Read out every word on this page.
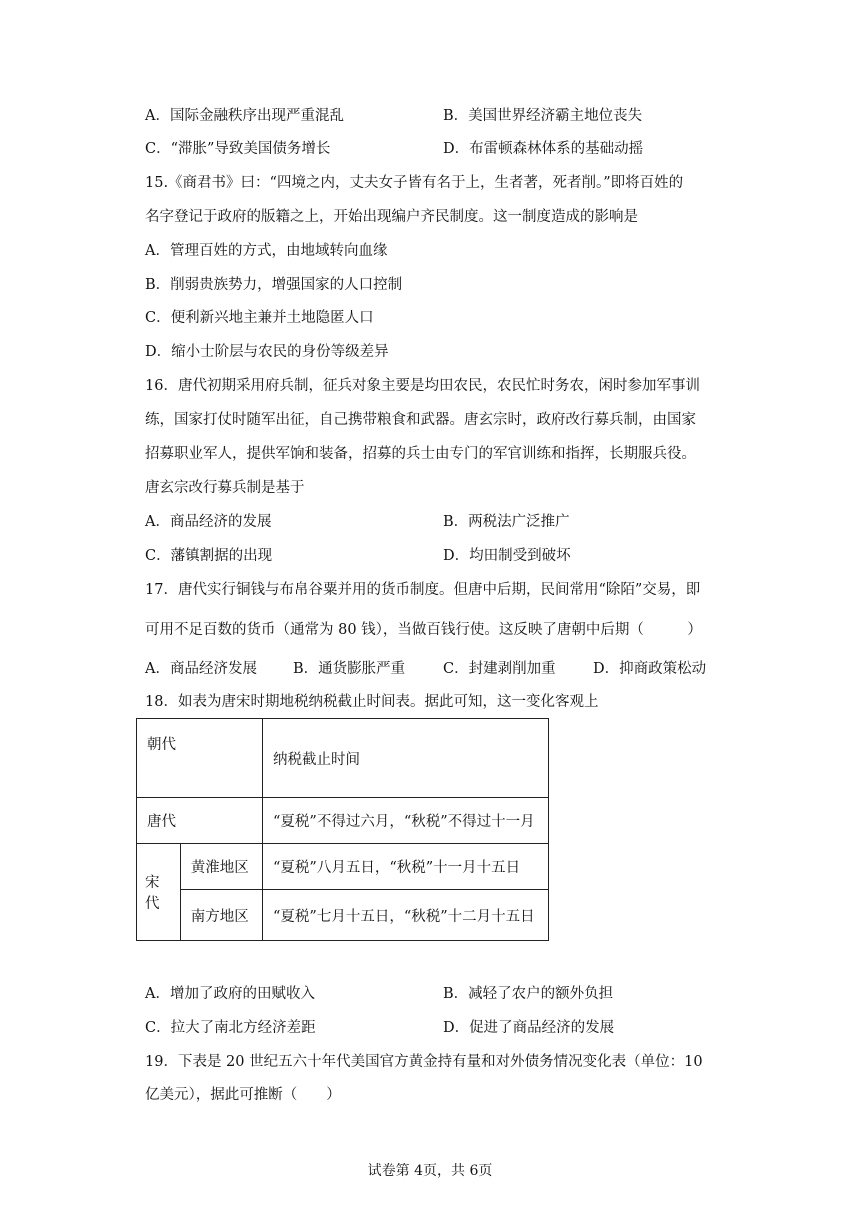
A．国际金融秩序出现严重混乱	B．美国世界经济霸主地位丧失
C．“滞胀”导致美国债务增长	D．布雷顿森林体系的基础动摇
15.《商君书》曰：“四境之内，丈夫女子皆有名于上，生者著，死者削。”即将百姓的
名字登记于政府的版籍之上，开始出现编户齐民制度。这一制度造成的影响是
A．管理百姓的方式，由地域转向血缘
B．削弱贵族势力，增强国家的人口控制
C．便利新兴地主兼并土地隐匿人口
D．缩小士阶层与农民的身份等级差异
16．唐代初期采用府兵制，征兵对象主要是均田农民，农民忙时务农，闲时参加军事训
练，国家打仗时随军出征，自己携带粮食和武器。唐玄宗时，政府改行募兵制，由国家
招募职业军人，提供军饷和装备，招募的兵士由专门的军官训练和指挥，长期服兵役。
唐玄宗改行募兵制是基于
A．商品经济的发展	B．两税法广泛推广
C．藩镇割据的出现	D．均田制受到破坏
17．唐代实行铜钱与布帛谷粟并用的货币制度。但唐中后期，民间常用“除陌”交易，即
可用不足百数的货币（通常为 80 钱），当做百钱行使。这反映了唐朝中后期（　　　）
A．商品经济发展 B．通货膨胀严重	C．封建剥削加重	D．抑商政策松动
18．如表为唐宋时期地税纳税截止时间表。据此可知，这一变化客观上
朝代		纳税截止时间
唐代		“夏税”不得过六月，“秋税”不得过十一月
宋代	黄淮地区	“夏税”八月五日，“秋税”十一月十五日
	南方地区	“夏税”七月十五日，“秋税”十二月十五日
A．增加了政府的田赋收入	B．减轻了农户的额外负担
C．拉大了南北方经济差距	D．促进了商品经济的发展
19．下表是 20 世纪五六十年代美国官方黄金持有量和对外债务情况变化表（单位：10
亿美元），据此可推断（　　）
试卷第 4页，共 6页
